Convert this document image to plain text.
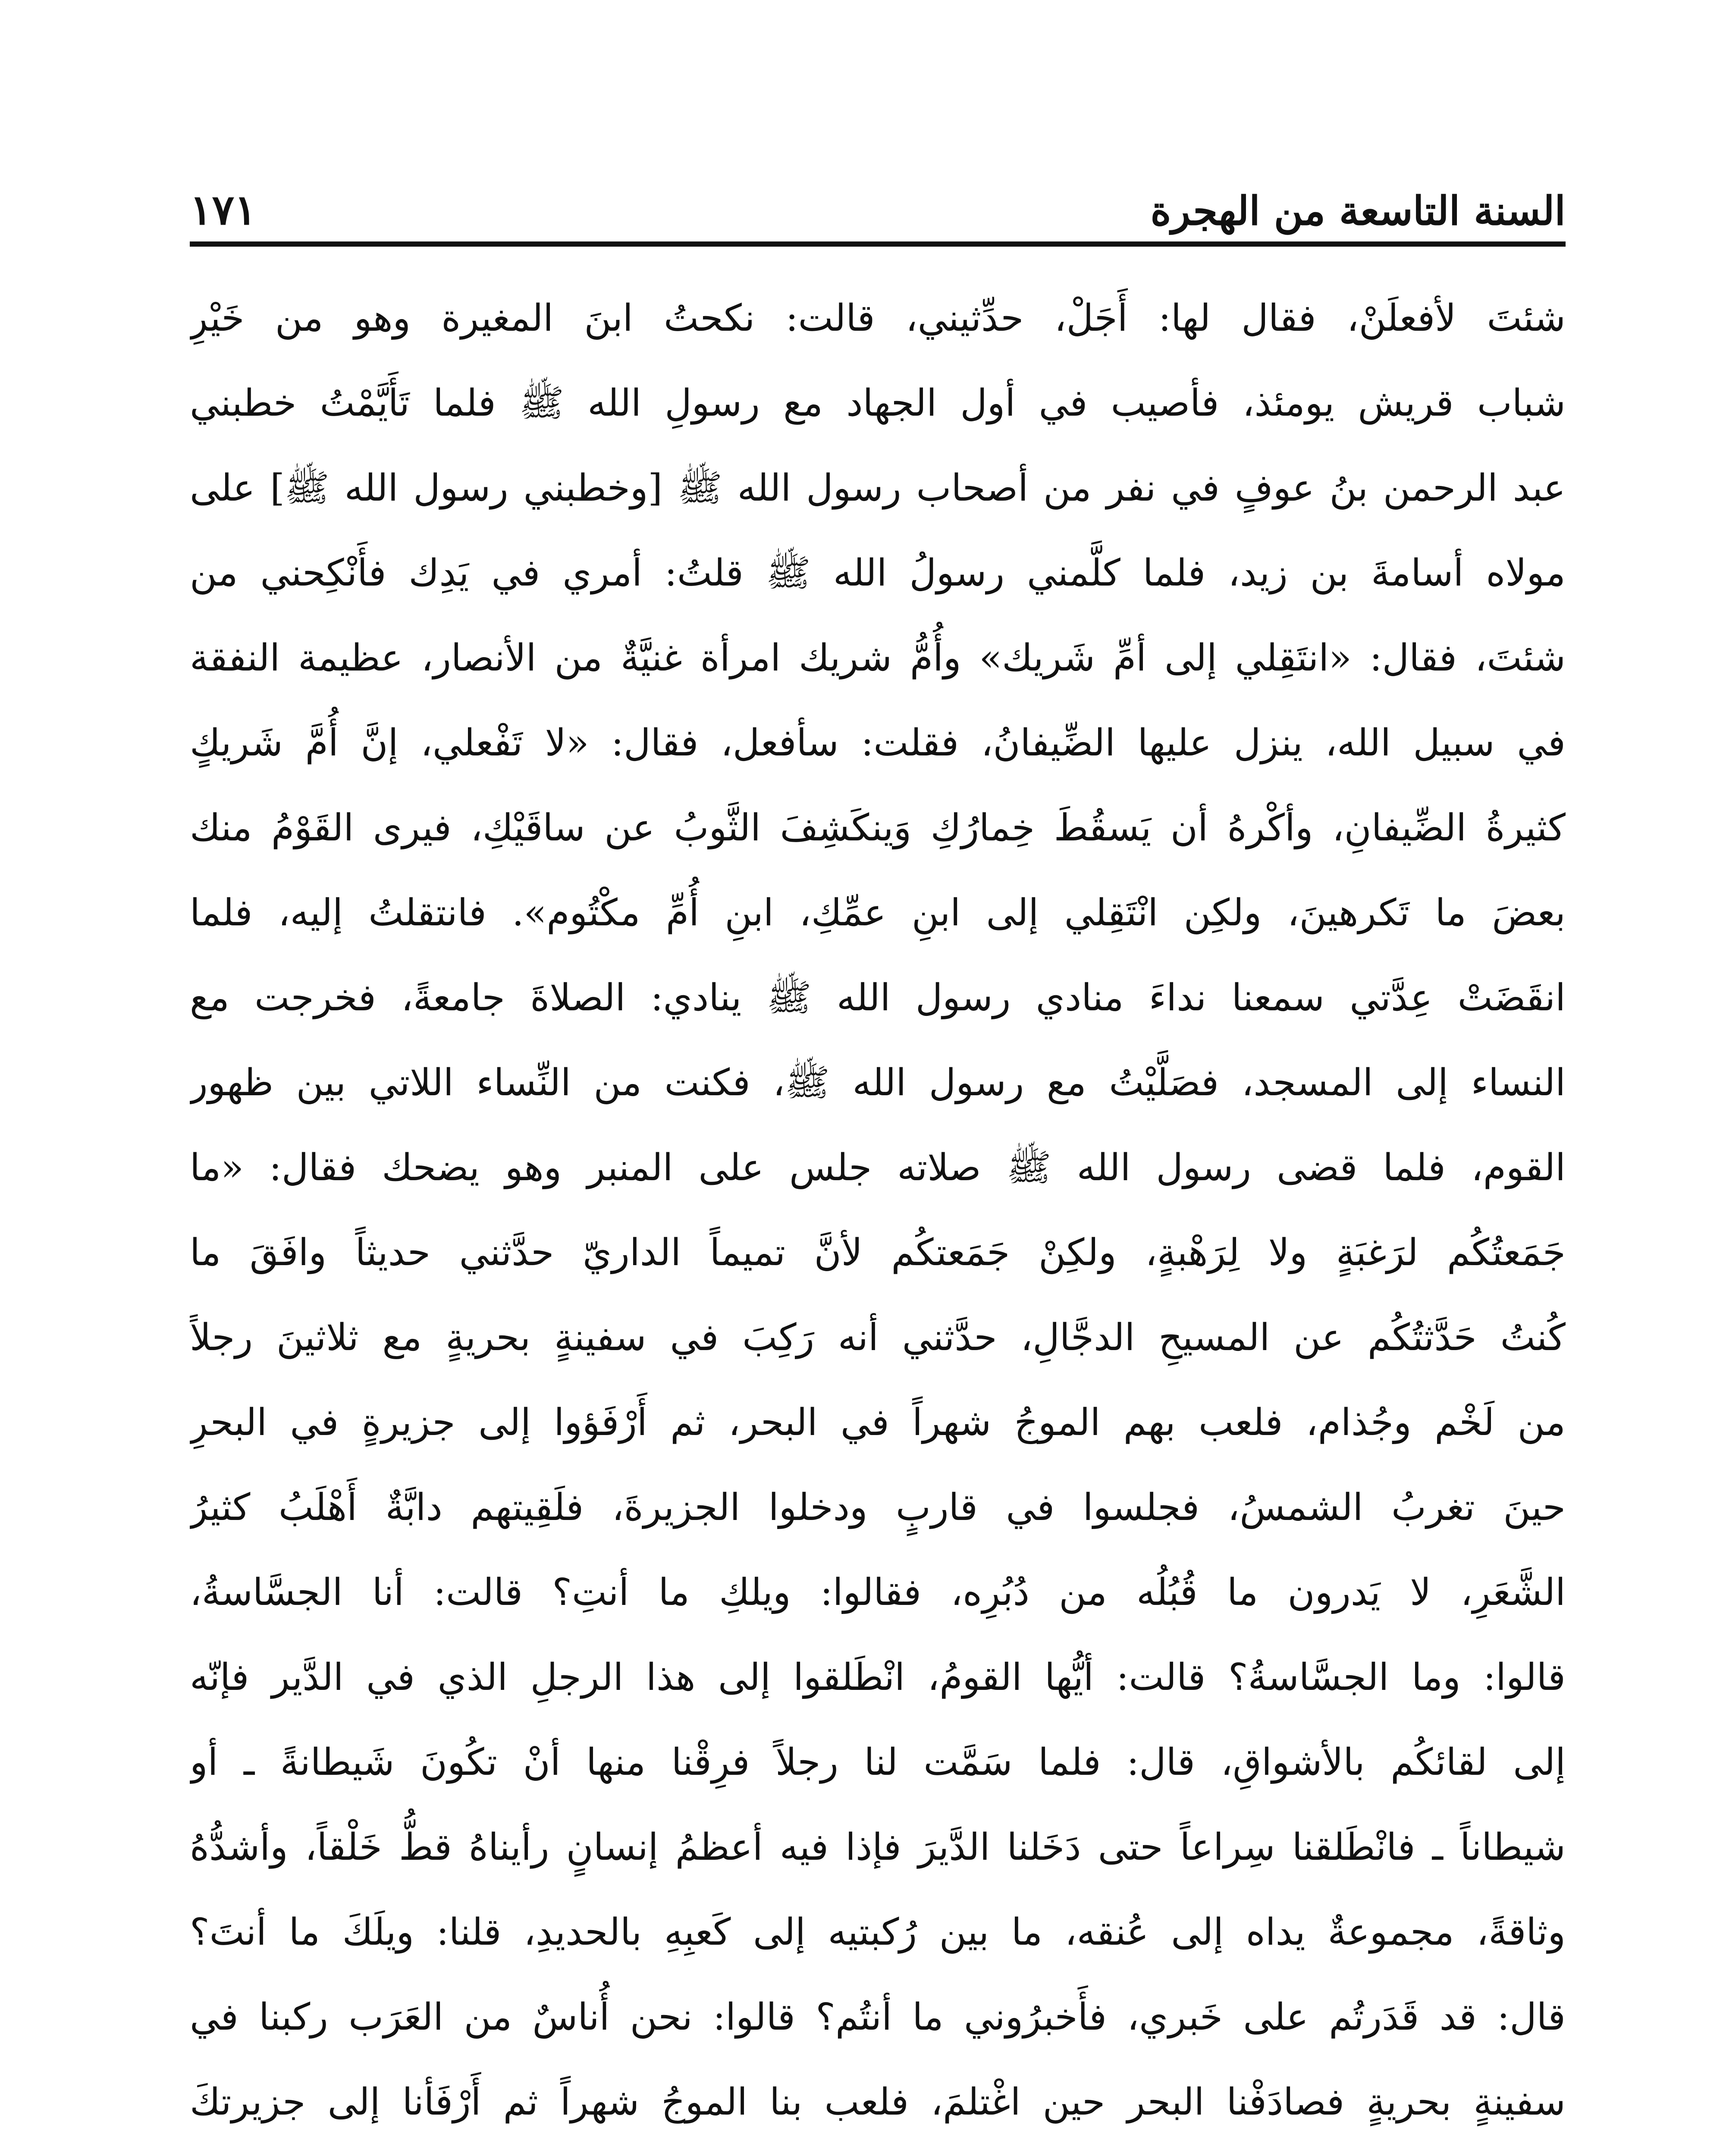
السنة التاسعة من الهجرة
١٧١
شئتَ لأفعلَنْ، فقال لها: أَجَلْ، حدِّثيني، قالت: نكحتُ ابنَ المغيرة وهو من خَيْرِ
شباب قريش يومئذ، فأصيب في أول الجهاد مع رسولِ الله ﷺ فلما تَأَيَّمْتُ خطبني
عبد الرحمن بنُ عوفٍ في نفر من أصحاب رسول الله ﷺ [وخطبني رسول الله ﷺ] على
مولاه أسامةَ بن زيد، فلما كلَّمني رسولُ الله ﷺ قلتُ: أمري في يَدِك فأَنْكِحني من
شئتَ، فقال: «انتَقِلي إلى أمِّ شَريك» وأُمُّ شريك امرأة غنيَّةٌ من الأنصار، عظيمة النفقة
في سبيل الله، ينزل عليها الضِّيفانُ، فقلت: سأفعل، فقال: «لا تَفْعلي، إنَّ أُمَّ شَريكٍ
كثيرةُ الضِّيفانِ، وأكْرهُ أن يَسقُطَ خِمارُكِ وَينكَشِفَ الثَّوبُ عن ساقَيْكِ، فيرى القَوْمُ منك
بعضَ ما تَكرهينَ، ولكِن انْتَقِلي إلى ابنِ عمِّكِ، ابنِ أُمِّ مكْتُوم». فانتقلتُ إليه، فلما
انقَضَتْ عِدَّتي سمعنا نداءَ منادي رسول الله ﷺ ينادي: الصلاةَ جامعةً، فخرجت مع
النساء إلى المسجد، فصَلَّيْتُ مع رسول الله ﷺ، فكنت من النِّساء اللاتي بين ظهور
القوم، فلما قضى رسول الله ﷺ صلاته جلس على المنبر وهو يضحك فقال: «ما
جَمَعتُكُم لرَغبَةٍ ولا لِرَهْبةٍ، ولكِنْ جَمَعتكُم لأنَّ تميماً الداريّ حدَّثني حديثاً وافَقَ ما
كُنتُ حَدَّثتُكُم عن المسيحِ الدجَّالِ، حدَّثني أنه رَكِبَ في سفينةٍ بحريةٍ مع ثلاثينَ رجلاً
من لَخْم وجُذام، فلعب بهم الموجُ شهراً في البحر، ثم أَرْفَؤوا إلى جزيرةٍ في البحرِ
حينَ تغربُ الشمسُ، فجلسوا في قاربٍ ودخلوا الجزيرةَ، فلَقِيتهم دابَّةٌ أَهْلَبُ كثيرُ
الشَّعَرِ، لا يَدرون ما قُبُلُه من دُبُرِه، فقالوا: ويلكِ ما أنتِ؟ قالت: أنا الجسَّاسةُ،
قالوا: وما الجسَّاسةُ؟ قالت: أيُّها القومُ، انْطَلقوا إلى هذا الرجلِ الذي في الدَّير فإنّه
إلى لقائكُم بالأشواقِ، قال: فلما سَمَّت لنا رجلاً فرِقْنا منها أنْ تكُونَ شَيطانةً ـ أو
شيطاناً ـ فانْطَلقنا سِراعاً حتى دَخَلنا الدَّيرَ فإذا فيه أعظمُ إنسانٍ رأيناهُ قطُّ خَلْقاً، وأشدُّهُ
وثاقةً، مجموعةٌ يداه إلى عُنقه، ما بين رُكبتيه إلى كَعبِهِ بالحديدِ، قلنا: ويلَكَ ما أنتَ؟
قال: قد قَدَرتُم على خَبري، فأَخبرُوني ما أنتُم؟ قالوا: نحن أُناسٌ من العَرَب ركبنا في
سفينةٍ بحريةٍ فصادَفْنا البحر حين اغْتلمَ، فلعب بنا الموجُ شهراً ثم أَرْفَأنا إلى جزيرتكَ
